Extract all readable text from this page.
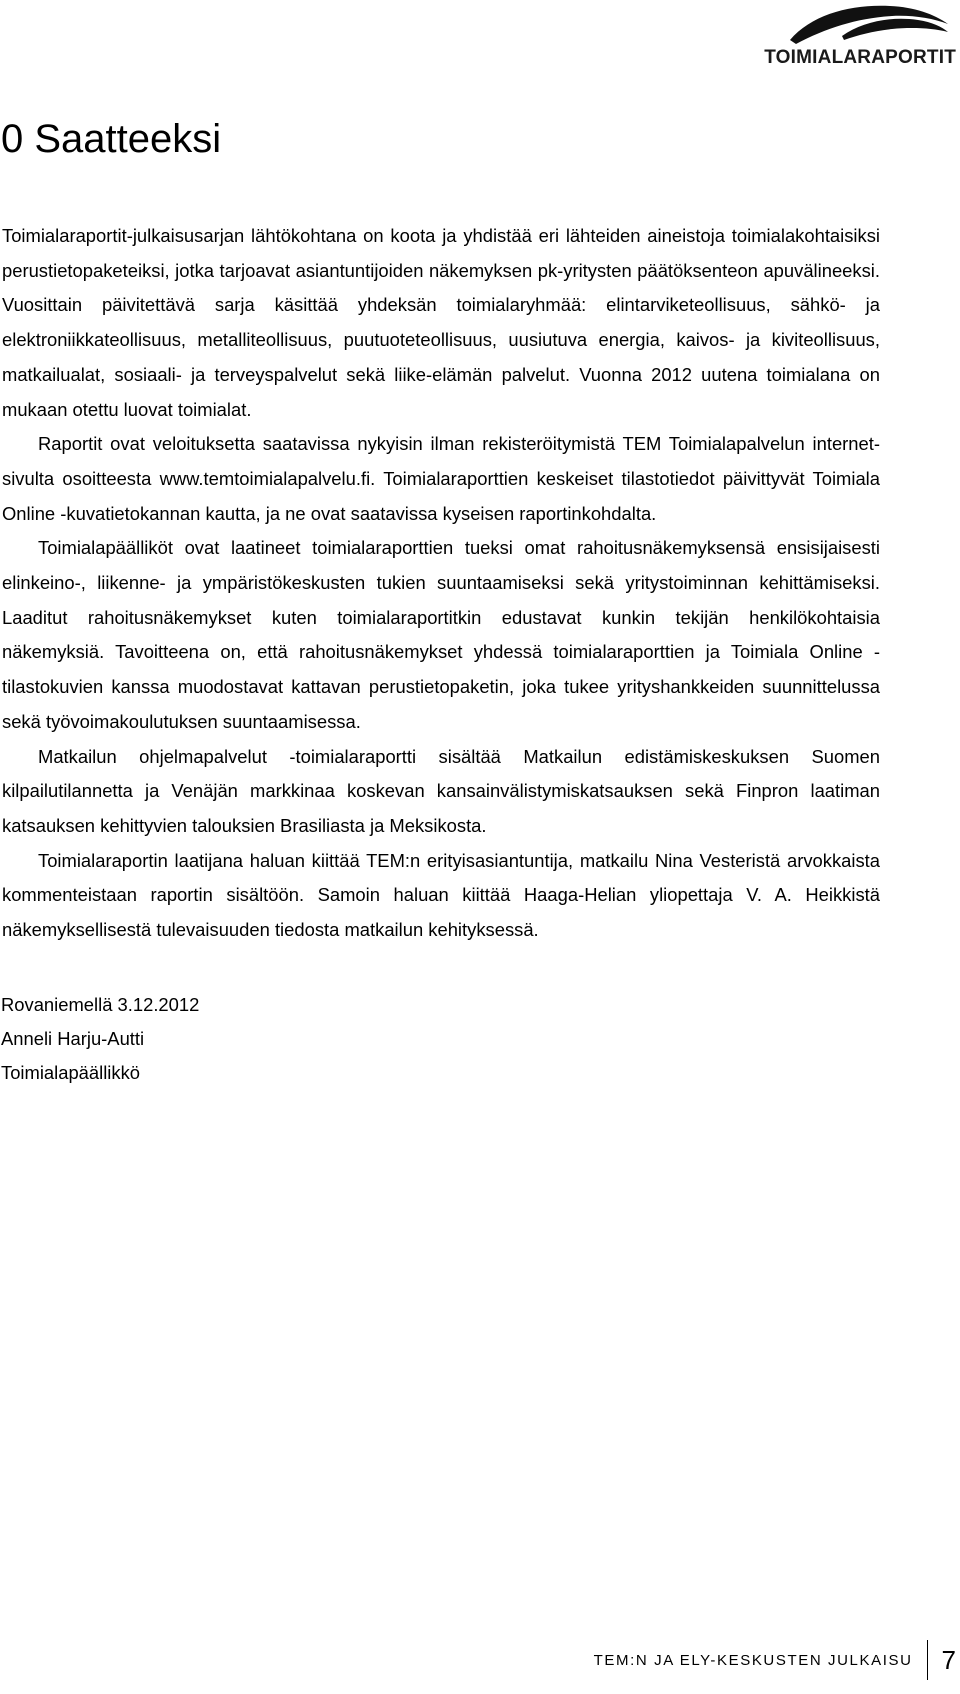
TOIMIALARAPORTIT
0 Saatteeksi

Toimialaraportit-julkaisusarjan lähtökohtana on koota ja yhdistää eri lähteiden aineistoja toimialakohtaisiksi perustietopaketeiksi, jotka tarjoavat asiantuntijoiden näkemyksen pk-yritysten päätöksenteon apuvälineeksi. Vuosittain päivitettävä sarja käsittää yhdeksän toimialaryhmää: elintarviketeollisuus, sähkö- ja elektroniikkateollisuus, metalliteollisuus, puutuoteteollisuus, uusiutuva energia, kaivos- ja kiviteollisuus, matkailualat, sosiaali- ja terveyspalvelut sekä liike-elämän palvelut. Vuonna 2012 uutena toimialana on mukaan otettu luovat toimialat.

Raportit ovat veloituksetta saatavissa nykyisin ilman rekisteröitymistä TEM Toimialapalvelun internet-sivulta osoitteesta www.temtoimialapalvelu.fi. Toimialaraporttien keskeiset tilastotiedot päivittyvät Toimiala Online -kuvatietokannan kautta, ja ne ovat saatavissa kyseisen raportinkohdalta.

Toimialapäälliköt ovat laatineet toimialaraporttien tueksi omat rahoitusnäkemyksensä ensisijaisesti elinkeino-, liikenne- ja ympäristökeskusten tukien suuntaamiseksi sekä yritystoiminnan kehittämiseksi. Laaditut rahoitusnäkemykset kuten toimialaraportitkin edustavat kunkin tekijän henkilökohtaisia näkemyksiä. Tavoitteena on, että rahoitusnäkemykset yhdessä toimialaraporttien ja Toimiala Online -tilastokuvien kanssa muodostavat kattavan perustietopaketin, joka tukee yrityshankkeiden suunnittelussa sekä työvoimakoulutuksen suuntaamisessa.

Matkailun ohjelmapalvelut -toimialaraportti sisältää Matkailun edistämiskeskuksen Suomen kilpailutilannetta ja Venäjän markkinaa koskevan kansainvälistymiskatsauksen sekä Finpron laatiman katsauksen kehittyvien talouksien Brasiliasta ja Meksikosta.

Toimialaraportin laatijana haluan kiittää TEM:n erityisasiantuntija, matkailu Nina Vesteristä arvokkaista kommenteistaan raportin sisältöön. Samoin haluan kiittää Haaga-Helian yliopettaja V. A. Heikkistä näkemyksellisestä tulevaisuuden tiedosta matkailun kehityksessä.

Rovaniemellä 3.12.2012
Anneli Harju-Autti
Toimialapäällikkö
TEM:N JA ELY-KESKUSTEN JULKAISU 7
